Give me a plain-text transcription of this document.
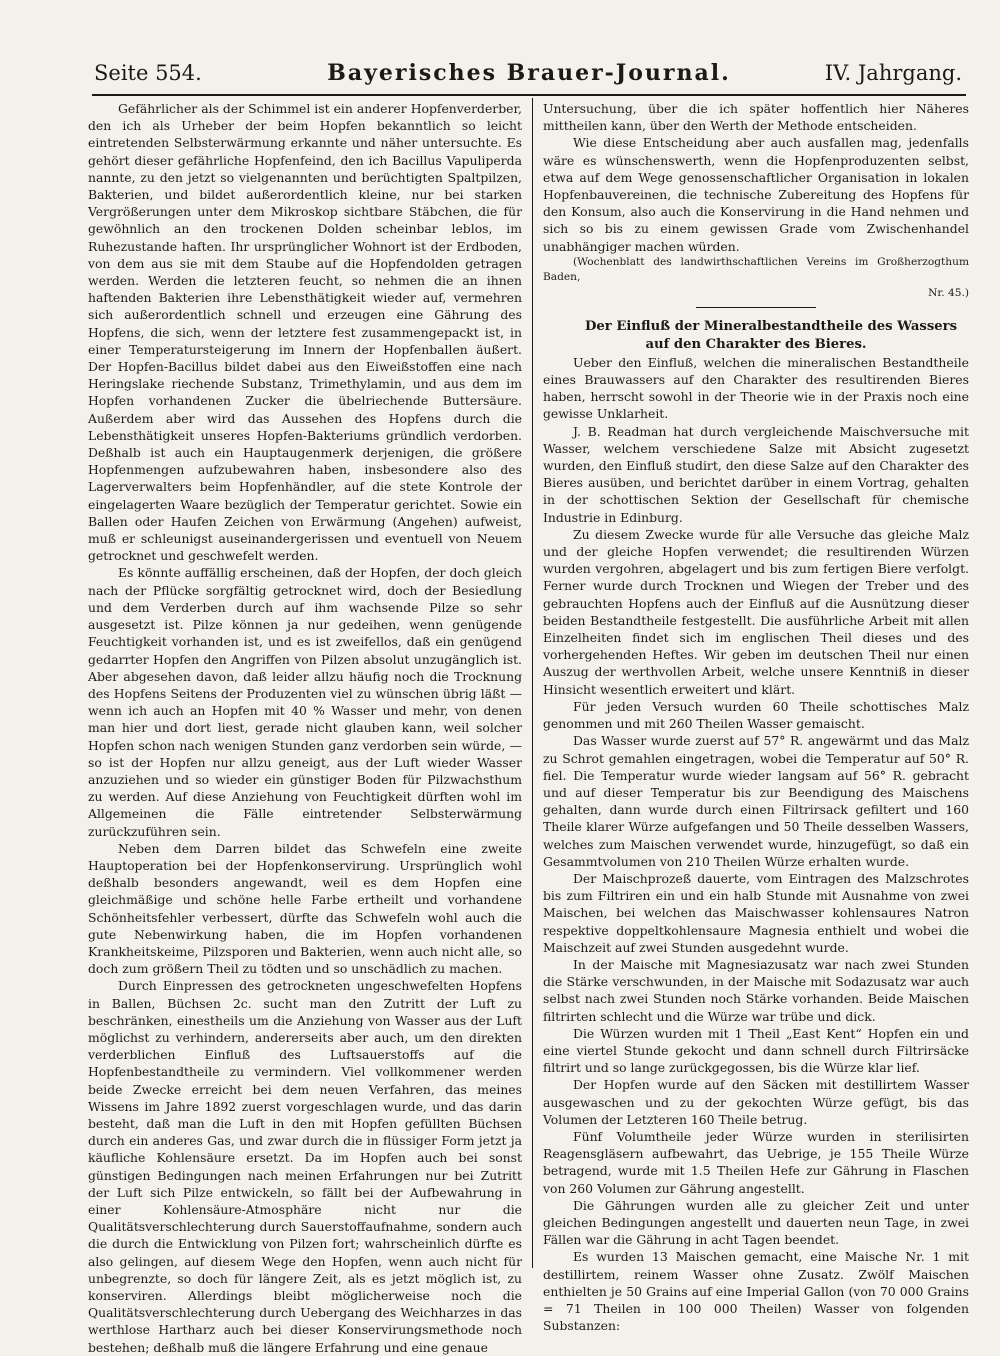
Seite 554.	Bayerisches Brauer-Journal.	IV. Jahrgang.

Gefährlicher als der Schimmel ist ein anderer Hopfenverderber, den ich als Urheber der beim Hopfen bekanntlich so leicht eintretenden Selbsterwärmung erkannte und näher untersuchte. Es gehört dieser gefährliche Hopfenfeind, den ich Bacillus Vapuliperda nannte, zu den jetzt so vielgenannten und berüchtigten Spaltpilzen, Bakterien, und bildet außerordentlich kleine, nur bei starken Vergrößerungen unter dem Mikroskop sichtbare Stäbchen, die für gewöhnlich an den trockenen Dolden scheinbar leblos, im Ruhezustande haften. Ihr ursprünglicher Wohnort ist der Erdboden, von dem aus sie mit dem Staube auf die Hopfendolden getragen werden. Werden die letzteren feucht, so nehmen die an ihnen haftenden Bakterien ihre Lebensthätigkeit wieder auf, vermehren sich außerordentlich schnell und erzeugen eine Gährung des Hopfens, die sich, wenn der letztere fest zusammengepackt ist, in einer Temperatursteigerung im Innern der Hopfenballen äußert. Der Hopfen-Bacillus bildet dabei aus den Eiweißstoffen eine nach Heringslake riechende Substanz, Trimethylamin, und aus dem im Hopfen vorhandenen Zucker die übelriechende Buttersäure. Außerdem aber wird das Aussehen des Hopfens durch die Lebensthätigkeit unseres Hopfen-Bakteriums gründlich verdorben. Deßhalb ist auch ein Hauptaugenmerk derjenigen, die größere Hopfenmengen aufzubewahren haben, insbesondere also des Lagerverwalters beim Hopfenhändler, auf die stete Kontrole der eingelagerten Waare bezüglich der Temperatur gerichtet. Sowie ein Ballen oder Haufen Zeichen von Erwärmung (Angehen) aufweist, muß er schleunigst auseinandergerissen und eventuell von Neuem getrocknet und geschwefelt werden.

Es könnte auffällig erscheinen, daß der Hopfen, der doch gleich nach der Pflücke sorgfältig getrocknet wird, doch der Besiedlung und dem Verderben durch auf ihm wachsende Pilze so sehr ausgesetzt ist. Pilze können ja nur gedeihen, wenn genügende Feuchtigkeit vorhanden ist, und es ist zweifellos, daß ein genügend gedarrter Hopfen den Angriffen von Pilzen absolut unzugänglich ist. Aber abgesehen davon, daß leider allzu häufig noch die Trocknung des Hopfens Seitens der Produzenten viel zu wünschen übrig läßt — wenn ich auch an Hopfen mit 40 % Wasser und mehr, von denen man hier und dort liest, gerade nicht glauben kann, weil solcher Hopfen schon nach wenigen Stunden ganz verdorben sein würde, — so ist der Hopfen nur allzu geneigt, aus der Luft wieder Wasser anzuziehen und so wieder ein günstiger Boden für Pilzwachsthum zu werden. Auf diese Anziehung von Feuchtigkeit dürften wohl im Allgemeinen die Fälle eintretender Selbsterwärmung zurückzuführen sein.

Neben dem Darren bildet das Schwefeln eine zweite Hauptoperation bei der Hopfenkonservirung. Ursprünglich wohl deßhalb besonders angewandt, weil es dem Hopfen eine gleichmäßige und schöne helle Farbe ertheilt und vorhandene Schönheitsfehler verbessert, dürfte das Schwefeln wohl auch die gute Nebenwirkung haben, die im Hopfen vorhandenen Krankheitskeime, Pilzsporen und Bakterien, wenn auch nicht alle, so doch zum größern Theil zu tödten und so unschädlich zu machen.

Durch Einpressen des getrockneten ungeschwefelten Hopfens in Ballen, Büchsen 2c. sucht man den Zutritt der Luft zu beschränken, einestheils um die Anziehung von Wasser aus der Luft möglichst zu verhindern, andererseits aber auch, um den direkten verderblichen Einfluß des Luftsauerstoffs auf die Hopfenbestandtheile zu vermindern. Viel vollkommener werden beide Zwecke erreicht bei dem neuen Verfahren, das meines Wissens im Jahre 1892 zuerst vorgeschlagen wurde, und das darin besteht, daß man die Luft in den mit Hopfen gefüllten Büchsen durch ein anderes Gas, und zwar durch die in flüssiger Form jetzt ja käufliche Kohlensäure ersetzt. Da im Hopfen auch bei sonst günstigen Bedingungen nach meinen Erfahrungen nur bei Zutritt der Luft sich Pilze entwickeln, so fällt bei der Aufbewahrung in einer Kohlensäure-Atmosphäre nicht nur die Qualitätsverschlechterung durch Sauerstoffaufnahme, sondern auch die durch die Entwicklung von Pilzen fort; wahrscheinlich dürfte es also gelingen, auf diesem Wege den Hopfen, wenn auch nicht für unbegrenzte, so doch für längere Zeit, als es jetzt möglich ist, zu konserviren. Allerdings bleibt möglicherweise noch die Qualitätsverschlechterung durch Uebergang des Weichharzes in das werthlose Hartharz auch bei dieser Konservirungsmethode noch bestehen; deßhalb muß die längere Erfahrung und eine genaue

Untersuchung, über die ich später hoffentlich hier Näheres mittheilen kann, über den Werth der Methode entscheiden.

Wie diese Entscheidung aber auch ausfallen mag, jedenfalls wäre es wünschenswerth, wenn die Hopfenproduzenten selbst, etwa auf dem Wege genossenschaftlicher Organisation in lokalen Hopfenbauvereinen, die technische Zubereitung des Hopfens für den Konsum, also auch die Konservirung in die Hand nehmen und sich so bis zu einem gewissen Grade vom Zwischenhandel unabhängiger machen würden.

(Wochenblatt des landwirthschaftlichen Vereins im Großherzogthum Baden,

Nr. 45.)

Der Einfluß der Mineralbestandtheile des Wassers auf den Charakter des Bieres.

Ueber den Einfluß, welchen die mineralischen Bestandtheile eines Brauwassers auf den Charakter des resultirenden Bieres haben, herrscht sowohl in der Theorie wie in der Praxis noch eine gewisse Unklarheit.

J. B. Readman hat durch vergleichende Maischversuche mit Wasser, welchem verschiedene Salze mit Absicht zugesetzt wurden, den Einfluß studirt, den diese Salze auf den Charakter des Bieres ausüben, und berichtet darüber in einem Vortrag, gehalten in der schottischen Sektion der Gesellschaft für chemische Industrie in Edinburg.

Zu diesem Zwecke wurde für alle Versuche das gleiche Malz und der gleiche Hopfen verwendet; die resultirenden Würzen wurden vergohren, abgelagert und bis zum fertigen Biere verfolgt. Ferner wurde durch Trocknen und Wiegen der Treber und des gebrauchten Hopfens auch der Einfluß auf die Ausnützung dieser beiden Bestandtheile festgestellt. Die ausführliche Arbeit mit allen Einzelheiten findet sich im englischen Theil dieses und des vorhergehenden Heftes. Wir geben im deutschen Theil nur einen Auszug der werthvollen Arbeit, welche unsere Kenntniß in dieser Hinsicht wesentlich erweitert und klärt.

Für jeden Versuch wurden 60 Theile schottisches Malz genommen und mit 260 Theilen Wasser gemaischt.

Das Wasser wurde zuerst auf 57° R. angewärmt und das Malz zu Schrot gemahlen eingetragen, wobei die Temperatur auf 50° R. fiel. Die Temperatur wurde wieder langsam auf 56° R. gebracht und auf dieser Temperatur bis zur Beendigung des Maischens gehalten, dann wurde durch einen Filtrirsack gefiltert und 160 Theile klarer Würze aufgefangen und 50 Theile desselben Wassers, welches zum Maischen verwendet wurde, hinzugefügt, so daß ein Gesammtvolumen von 210 Theilen Würze erhalten wurde.

Der Maischprozeß dauerte, vom Eintragen des Malzschrotes bis zum Filtriren ein und ein halb Stunde mit Ausnahme von zwei Maischen, bei welchen das Maischwasser kohlensaures Natron respektive doppeltkohlensaure Magnesia enthielt und wobei die Maischzeit auf zwei Stunden ausgedehnt wurde.

In der Maische mit Magnesiazusatz war nach zwei Stunden die Stärke verschwunden, in der Maische mit Sodazusatz war auch selbst nach zwei Stunden noch Stärke vorhanden. Beide Maischen filtrirten schlecht und die Würze war trübe und dick.

Die Würzen wurden mit 1 Theil „East Kent“ Hopfen ein und eine viertel Stunde gekocht und dann schnell durch Filtrirsäcke filtrirt und so lange zurückgegossen, bis die Würze klar lief.

Der Hopfen wurde auf den Säcken mit destillirtem Wasser ausgewaschen und zu der gekochten Würze gefügt, bis das Volumen der Letzteren 160 Theile betrug.

Fünf Volumtheile jeder Würze wurden in sterilisirten Reagensgläsern aufbewahrt, das Uebrige, je 155 Theile Würze betragend, wurde mit 1.5 Theilen Hefe zur Gährung in Flaschen von 260 Volumen zur Gährung angestellt.

Die Gährungen wurden alle zu gleicher Zeit und unter gleichen Bedingungen angestellt und dauerten neun Tage, in zwei Fällen war die Gährung in acht Tagen beendet.

Es wurden 13 Maischen gemacht, eine Maische Nr. 1 mit destillirtem, reinem Wasser ohne Zusatz. Zwölf Maischen enthielten je 50 Grains auf eine Imperial Gallon (von 70 000 Grains = 71 Theilen in 100 000 Theilen) Wasser von folgenden Substanzen:
